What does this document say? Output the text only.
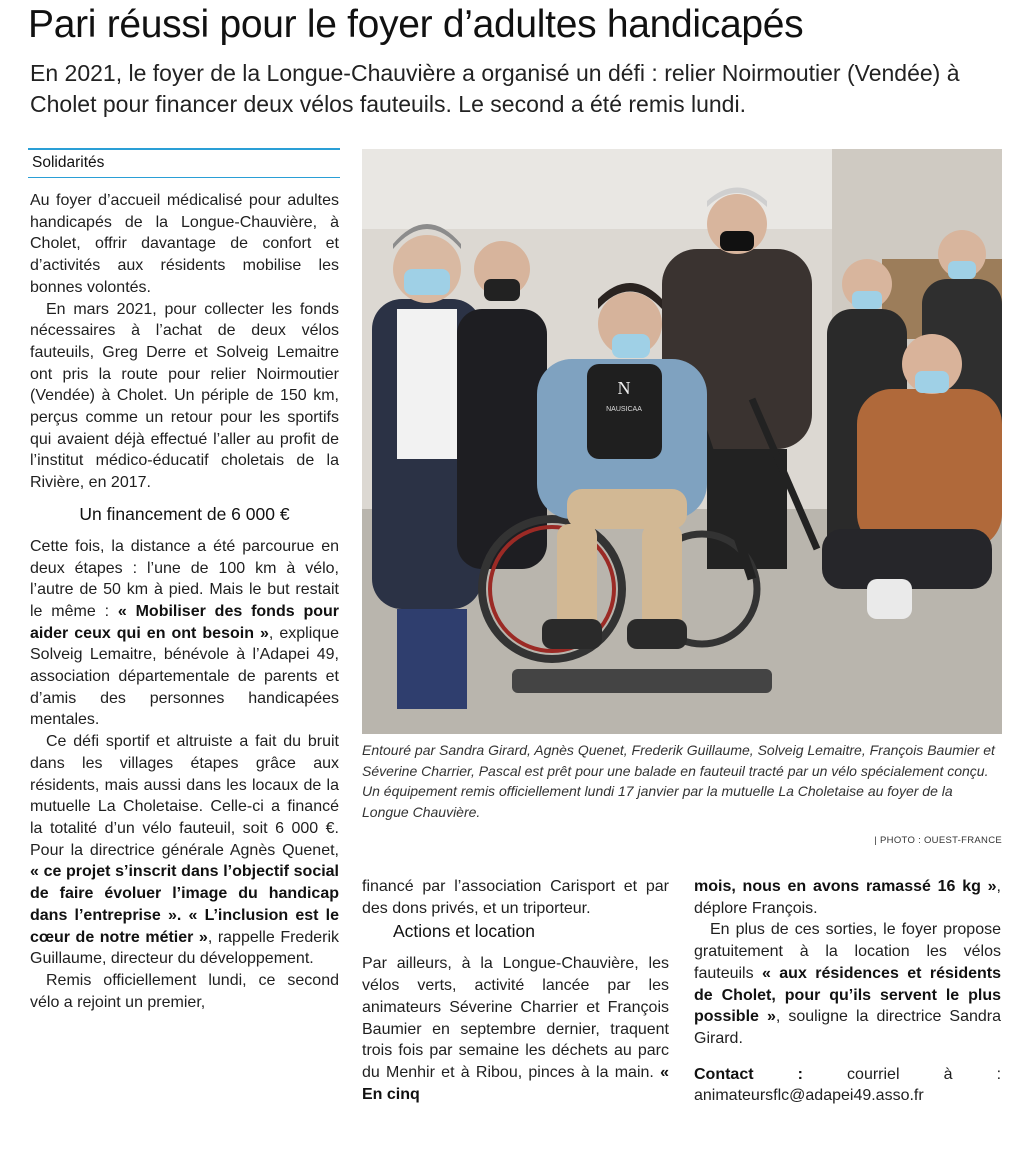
Pari réussi pour le foyer d’adultes handicapés

En 2021, le foyer de la Longue-Chauvière a organisé un défi : relier Noirmoutier (Vendée) à Cholet pour financer deux vélos fauteuils. Le second a été remis lundi.

Solidarités

Au foyer d’accueil médicalisé pour adultes handicapés de la Longue-Chauvière, à Cholet, offrir davantage de confort et d’activités aux résidents mobilise les bonnes volontés.

En mars 2021, pour collecter les fonds nécessaires à l’achat de deux vélos fauteuils, Greg Derre et Solveig Lemaitre ont pris la route pour relier Noirmoutier (Vendée) à Cholet. Un périple de 150 km, perçus comme un retour pour les sportifs qui avaient déjà effectué l’aller au profit de l’institut médico-éducatif choletais de la Rivière, en 2017.

Un financement de 6 000 €

Cette fois, la distance a été parcourue en deux étapes : l’une de 100 km à vélo, l’autre de 50 km à pied. Mais le but restait le même : « Mobiliser des fonds pour aider ceux qui en ont besoin », explique Solveig Lemaitre, bénévole à l’Adapei 49, association départementale de parents et d’amis des personnes handicapées mentales.

Ce défi sportif et altruiste a fait du bruit dans les villages étapes grâce aux résidents, mais aussi dans les locaux de la mutuelle La Choletaise. Celle-ci a financé la totalité d’un vélo fauteuil, soit 6 000 €. Pour la directrice générale Agnès Quenet, « ce projet s’inscrit dans l’objectif social de faire évoluer l’image du handicap dans l’entreprise ». « L’inclusion est le cœur de notre métier », rappelle Frederik Guillaume, directeur du développement.

Remis officiellement lundi, ce second vélo a rejoint un premier,

N
NAUSICAA

Entouré par Sandra Girard, Agnès Quenet, Frederik Guillaume, Solveig Lemaitre, François Baumier et Séverine Charrier, Pascal est prêt pour une balade en fauteuil tracté par un vélo spécialement conçu. Un équipement remis officiellement lundi 17 janvier par la mutuelle La Choletaise au foyer de la Longue Chauvière.

| PHOTO : OUEST-FRANCE

financé par l’association Carisport et par des dons privés, et un triporteur.

Actions et location

Par ailleurs, à la Longue-Chauvière, les vélos verts, activité lancée par les animateurs Séverine Charrier et François Baumier en septembre dernier, traquent trois fois par semaine les déchets au parc du Menhir et à Ribou, pinces à la main. « En cinq

mois, nous en avons ramassé 16 kg », déplore François.

En plus de ces sorties, le foyer propose gratuitement à la location les vélos fauteuils « aux résidences et résidents de Cholet, pour qu’ils servent le plus possible », souligne la directrice Sandra Girard.

Contact : courriel à : animateursflc@adapei49.asso.fr
